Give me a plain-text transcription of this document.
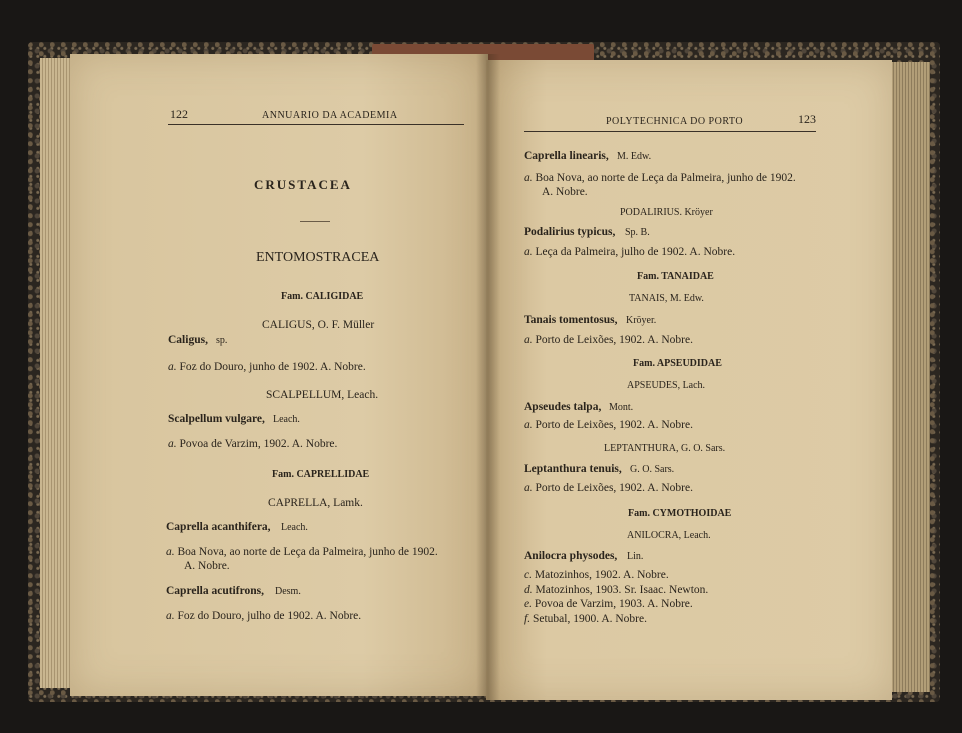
122	ANNUARIO DA ACADEMIA
CRUSTACEA
ENTOMOSTRACEA
Fam. CALIGIDAE
CALIGUS, O. F. Müller
Caligus, sp.
a. Foz do Douro, junho de 1902. A. Nobre.
SCALPELLUM, Leach.
Scalpellum vulgare, Leach.
a. Povoa de Varzim, 1902. A. Nobre.
Fam. CAPRELLIDAE
CAPRELLA, Lamk.
Caprella acanthifera, Leach.
a. Boa Nova, ao norte de Leça da Palmeira, junho de 1902.
A. Nobre.
Caprella acutifrons, Desm.
a. Foz do Douro, julho de 1902. A. Nobre.
POLYTECHNICA DO PORTO	123
Caprella linearis, M. Edw.
a. Boa Nova, ao norte de Leça da Palmeira, junho de 1902.
A. Nobre.
PODALIRIUS. Kröyer
Podalirius typicus, Sp. B.
a. Leça da Palmeira, julho de 1902. A. Nobre.
Fam. TANAIDAE
TANAIS, M. Edw.
Tanais tomentosus, Kröyer.
a. Porto de Leixões, 1902. A. Nobre.
Fam. APSEUDIDAE
APSEUDES, Lach.
Apseudes talpa, Mont.
a. Porto de Leixões, 1902. A. Nobre.
LEPTANTHURA, G. O. Sars.
Leptanthura tenuis, G. O. Sars.
a. Porto de Leixões, 1902. A. Nobre.
Fam. CYMOTHOIDAE
ANILOCRA, Leach.
Anilocra physodes, Lin.
c. Matozinhos, 1902. A. Nobre.
d. Matozinhos, 1903. Sr. Isaac. Newton.
e. Povoa de Varzim, 1903. A. Nobre.
f. Setubal, 1900. A. Nobre.
